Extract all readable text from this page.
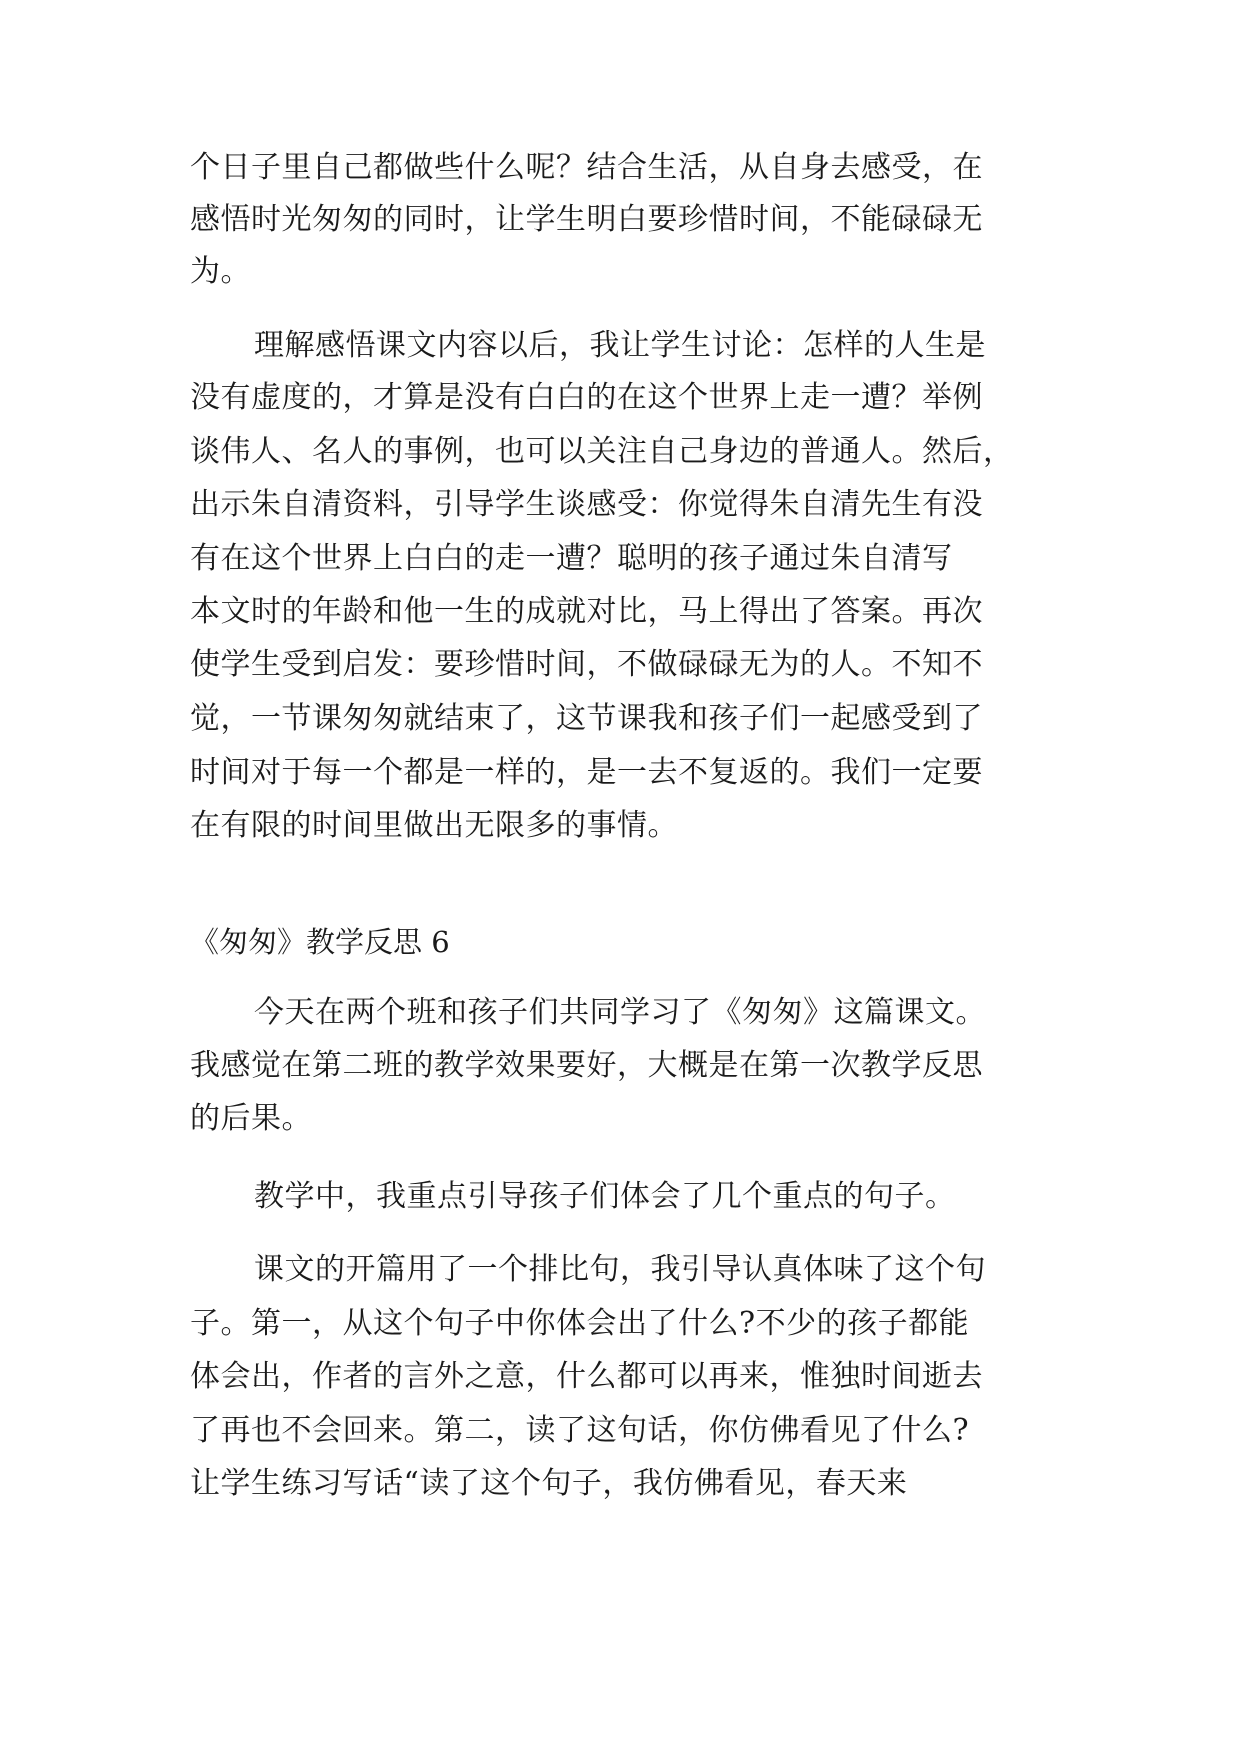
个日子里自己都做些什么呢？结合生活，从自身去感受，在
感悟时光匆匆的同时，让学生明白要珍惜时间，不能碌碌无
为。
理解感悟课文内容以后，我让学生讨论：怎样的人生是
没有虚度的，才算是没有白白的在这个世界上走一遭？举例
谈伟人、名人的事例，也可以关注自己身边的普通人。然后，
出示朱自清资料，引导学生谈感受：你觉得朱自清先生有没
有在这个世界上白白的走一遭？聪明的孩子通过朱自清写
本文时的年龄和他一生的成就对比，马上得出了答案。再次
使学生受到启发：要珍惜时间，不做碌碌无为的人。不知不
觉，一节课匆匆就结束了，这节课我和孩子们一起感受到了
时间对于每一个都是一样的，是一去不复返的。我们一定要
在有限的时间里做出无限多的事情。
《匆匆》教学反思 6
今天在两个班和孩子们共同学习了《匆匆》这篇课文。
我感觉在第二班的教学效果要好，大概是在第一次教学反思
的后果。
教学中，我重点引导孩子们体会了几个重点的句子。
课文的开篇用了一个排比句，我引导认真体味了这个句
子。第一，从这个句子中你体会出了什么?不少的孩子都能
体会出，作者的言外之意，什么都可以再来，惟独时间逝去
了再也不会回来。第二，读了这句话，你仿佛看见了什么?
让学生练习写话“读了这个句子，我仿佛看见，春天来
